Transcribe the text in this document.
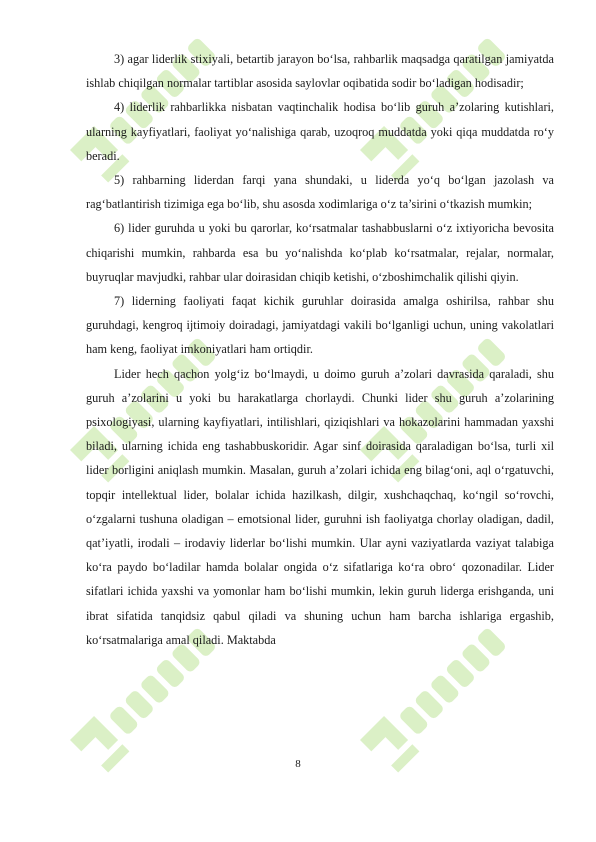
3) agar liderlik stixiyali, betartib jarayon bo‘lsa, rahbarlik maqsadga qaratilgan jamiyatda ishlab chiqilgan normalar tartiblar asosida saylovlar oqibatida sodir bo‘ladigan hodisadir;

4) liderlik rahbarlikka nisbatan vaqtinchalik hodisa bo‘lib guruh a’zolaring kutishlari, ularning kayfiyatlari, faoliyat yo‘nalishiga qarab, uzoqroq muddatda yoki qiqa muddatda ro‘y beradi.

5) rahbarning liderdan farqi yana shundaki, u liderda yo‘q bo‘lgan jazolash va rag‘batlantirish tizimiga ega bo‘lib, shu asosda xodimlariga o‘z ta’sirini o‘tkazish mumkin;

6) lider guruhda u yoki bu qarorlar, ko‘rsatmalar tashabbuslarni o‘z ixtiyoricha bevosita chiqarishi mumkin, rahbarda esa bu yo‘nalishda ko‘plab ko‘rsatmalar, rejalar, normalar, buyruqlar mavjudki, rahbar ular doirasidan chiqib ketishi, o‘zboshimchalik qilishi qiyin.

7) liderning faoliyati faqat kichik guruhlar doirasida amalga oshirilsa, rahbar shu guruhdagi, kengroq ijtimoiy doiradagi, jamiyatdagi vakili bo‘lganligi uchun, uning vakolatlari ham keng, faoliyat imkoniyatlari ham ortiqdir.

Lider hech qachon yolg‘iz bo‘lmaydi, u doimo guruh a’zolari davrasida qaraladi, shu guruh a’zolarini u yoki bu harakatlarga chorlaydi. Chunki lider shu guruh a’zolarining psixologiyasi, ularning kayfiyatlari, intilishlari, qiziqishlari va hokazolarini hammadan yaxshi biladi, ularning ichida eng tashabbuskoridir. Agar sinf doirasida qaraladigan bo‘lsa, turli xil lider borligini aniqlash mumkin. Masalan, guruh a’zolari ichida eng bilag‘oni, aql o‘rgatuvchi, topqir intellektual lider, bolalar ichida hazilkash, dilgir, xushchaqchaq, ko‘ngil so‘rovchi, o‘zgalarni tushuna oladigan – emotsional lider, guruhni ish faoliyatga chorlay oladigan, dadil, qat’iyatli, irodali – irodaviy liderlar bo‘lishi mumkin. Ular ayni vaziyatlarda vaziyat talabiga ko‘ra paydo bo‘ladilar hamda bolalar ongida o‘z sifatlariga ko‘ra obro‘ qozonadilar. Lider sifatlari ichida yaxshi va yomonlar ham bo‘lishi mumkin, lekin guruh liderga erishganda, uni ibrat sifatida tanqidsiz qabul qiladi va shuning uchun ham barcha ishlariga ergashib, ko‘rsatmalariga amal qiladi. Maktabda

8
